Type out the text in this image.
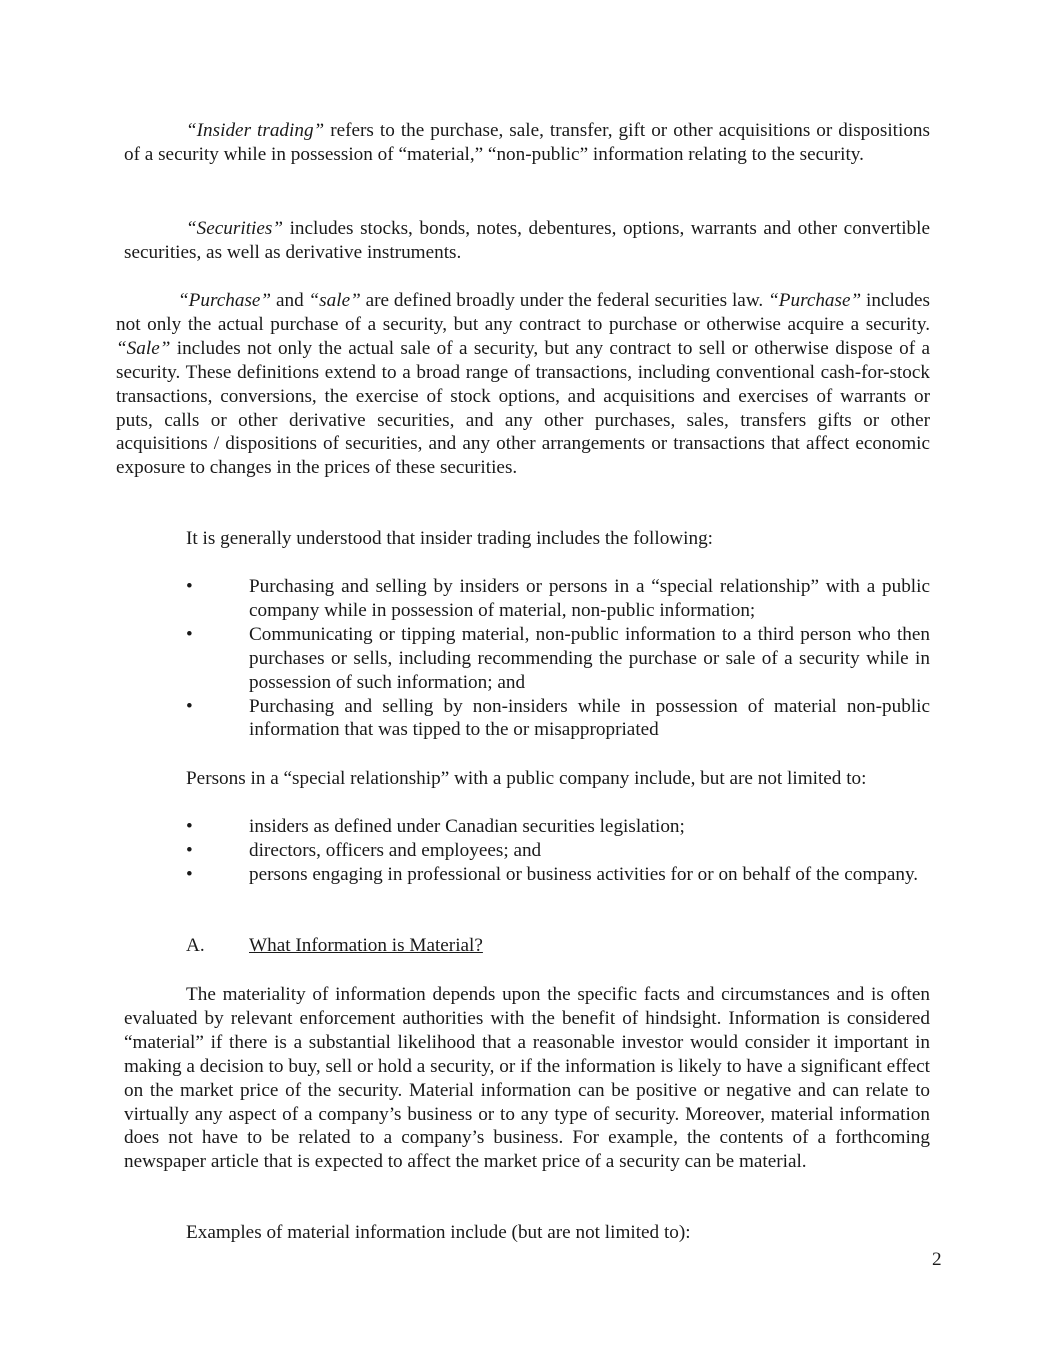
“Insider trading” refers to the purchase, sale, transfer, gift or other acquisitions or dispositions of a security while in possession of “material,” “non-public” information relating to the security.

“Securities” includes stocks, bonds, notes, debentures, options, warrants and other convertible securities, as well as derivative instruments.

“Purchase” and “sale” are defined broadly under the federal securities law. “Purchase” includes not only the actual purchase of a security, but any contract to purchase or otherwise acquire a security. “Sale” includes not only the actual sale of a security, but any contract to sell or otherwise dispose of a security. These definitions extend to a broad range of transactions, including conventional cash-for-stock transactions, conversions, the exercise of stock options, and acquisitions and exercises of warrants or puts, calls or other derivative securities, and any other purchases, sales, transfers gifts or other acquisitions / dispositions of securities, and any other arrangements or transactions that affect economic exposure to changes in the prices of these securities.

It is generally understood that insider trading includes the following:

•	Purchasing and selling by insiders or persons in a “special relationship” with a public company while in possession of material, non-public information;
•	Communicating or tipping material, non-public information to a third person who then purchases or sells, including recommending the purchase or sale of a security while in possession of such information; and
•	Purchasing and selling by non-insiders while in possession of material non-public information that was tipped to the or misappropriated

Persons in a “special relationship” with a public company include, but are not limited to:

•	insiders as defined under Canadian securities legislation;
•	directors, officers and employees; and
•	persons engaging in professional or business activities for or on behalf of the company.

A. What Information is Material?

The materiality of information depends upon the specific facts and circumstances and is often evaluated by relevant enforcement authorities with the benefit of hindsight. Information is considered “material” if there is a substantial likelihood that a reasonable investor would consider it important in making a decision to buy, sell or hold a security, or if the information is likely to have a significant effect on the market price of the security. Material information can be positive or negative and can relate to virtually any aspect of a company’s business or to any type of security. Moreover, material information does not have to be related to a company’s business. For example, the contents of a forthcoming newspaper article that is expected to affect the market price of a security can be material.

Examples of material information include (but are not limited to):

2
